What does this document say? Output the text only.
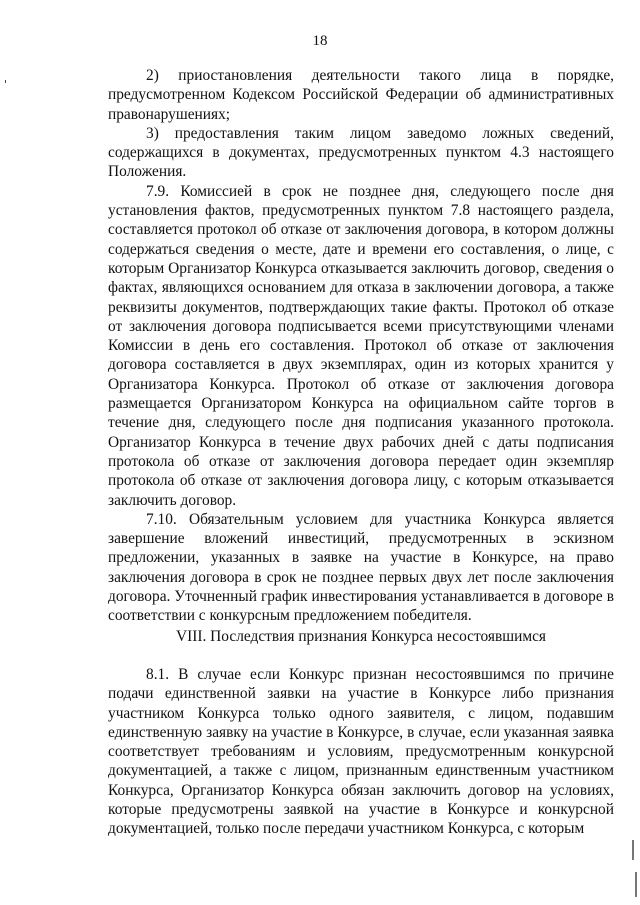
18

2) приостановления деятельности такого лица в порядке, предусмотренном Кодексом Российской Федерации об административных правонарушениях;

3) предоставления таким лицом заведомо ложных сведений, содержащихся в документах, предусмотренных пунктом 4.3 настоящего Положения.

7.9. Комиссией в срок не позднее дня, следующего после дня установления фактов, предусмотренных пунктом 7.8 настоящего раздела, составляется протокол об отказе от заключения договора, в котором должны содержаться сведения о месте, дате и времени его составления, о лице, с которым Организатор Конкурса отказывается заключить договор, сведения о фактах, являющихся основанием для отказа в заключении договора, а также реквизиты документов, подтверждающих такие факты. Протокол об отказе от заключения договора подписывается всеми присутствующими членами Комиссии в день его составления. Протокол об отказе от заключения договора составляется в двух экземплярах, один из которых хранится у Организатора Конкурса. Протокол об отказе от заключения договора размещается Организатором Конкурса на официальном сайте торгов в течение дня, следующего после дня подписания указанного протокола. Организатор Конкурса в течение двух рабочих дней с даты подписания протокола об отказе от заключения договора передает один экземпляр протокола об отказе от заключения договора лицу, с которым отказывается заключить договор.

7.10. Обязательным условием для участника Конкурса является завершение вложений инвестиций, предусмотренных в эскизном предложении, указанных в заявке на участие в Конкурсе, на право заключения договора в срок не позднее первых двух лет после заключения договора. Уточненный график инвестирования устанавливается в договоре в соответствии с конкурсным предложением победителя.

VIII. Последствия признания Конкурса несостоявшимся

8.1. В случае если Конкурс признан несостоявшимся по причине подачи единственной заявки на участие в Конкурсе либо признания участником Конкурса только одного заявителя, с лицом, подавшим единственную заявку на участие в Конкурсе, в случае, если указанная заявка соответствует требованиям и условиям, предусмотренным конкурсной документацией, а также с лицом, признанным единственным участником Конкурса, Организатор Конкурса обязан заключить договор на условиях, которые предусмотрены заявкой на участие в Конкурсе и конкурсной документацией, только после передачи участником Конкурса, с которым
